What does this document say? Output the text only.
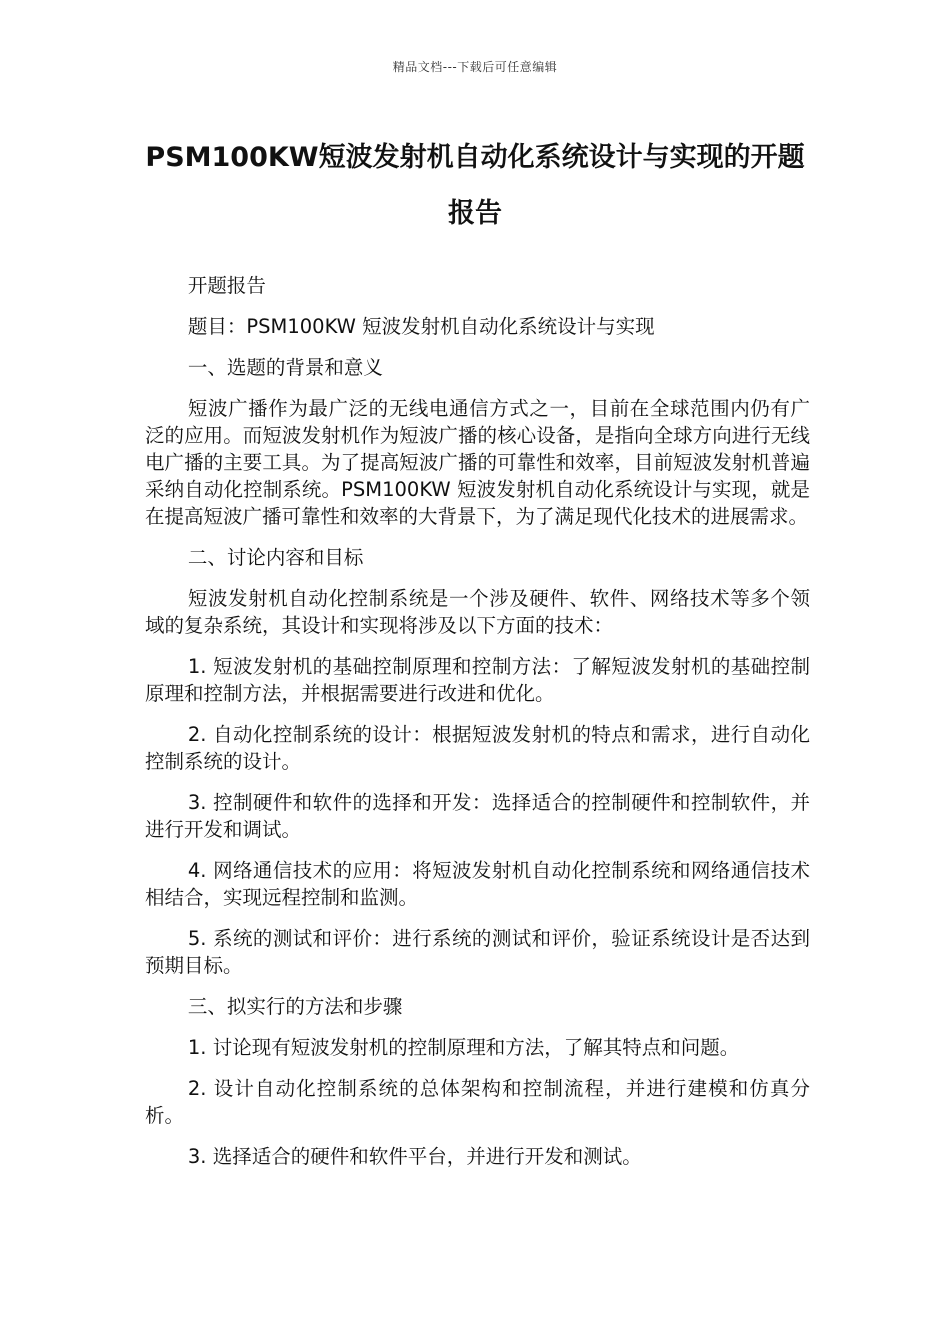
精品文档---下载后可任意编辑
PSM100KW短波发射机自动化系统设计与实现的开题报告

开题报告

题目：PSM100KW 短波发射机自动化系统设计与实现

一、选题的背景和意义

短波广播作为最广泛的无线电通信方式之一，目前在全球范围内仍有广泛的应用。而短波发射机作为短波广播的核心设备，是指向全球方向进行无线电广播的主要工具。为了提高短波广播的可靠性和效率，目前短波发射机普遍采纳自动化控制系统。PSM100KW 短波发射机自动化系统设计与实现，就是在提高短波广播可靠性和效率的大背景下，为了满足现代化技术的进展需求。

二、讨论内容和目标

短波发射机自动化控制系统是一个涉及硬件、软件、网络技术等多个领域的复杂系统，其设计和实现将涉及以下方面的技术：

1. 短波发射机的基础控制原理和控制方法：了解短波发射机的基础控制原理和控制方法，并根据需要进行改进和优化。

2. 自动化控制系统的设计：根据短波发射机的特点和需求，进行自动化控制系统的设计。

3. 控制硬件和软件的选择和开发：选择适合的控制硬件和控制软件，并进行开发和调试。

4. 网络通信技术的应用：将短波发射机自动化控制系统和网络通信技术相结合，实现远程控制和监测。

5. 系统的测试和评价：进行系统的测试和评价，验证系统设计是否达到预期目标。

三、拟实行的方法和步骤

1. 讨论现有短波发射机的控制原理和方法，了解其特点和问题。

2. 设计自动化控制系统的总体架构和控制流程，并进行建模和仿真分析。

3. 选择适合的硬件和软件平台，并进行开发和测试。
